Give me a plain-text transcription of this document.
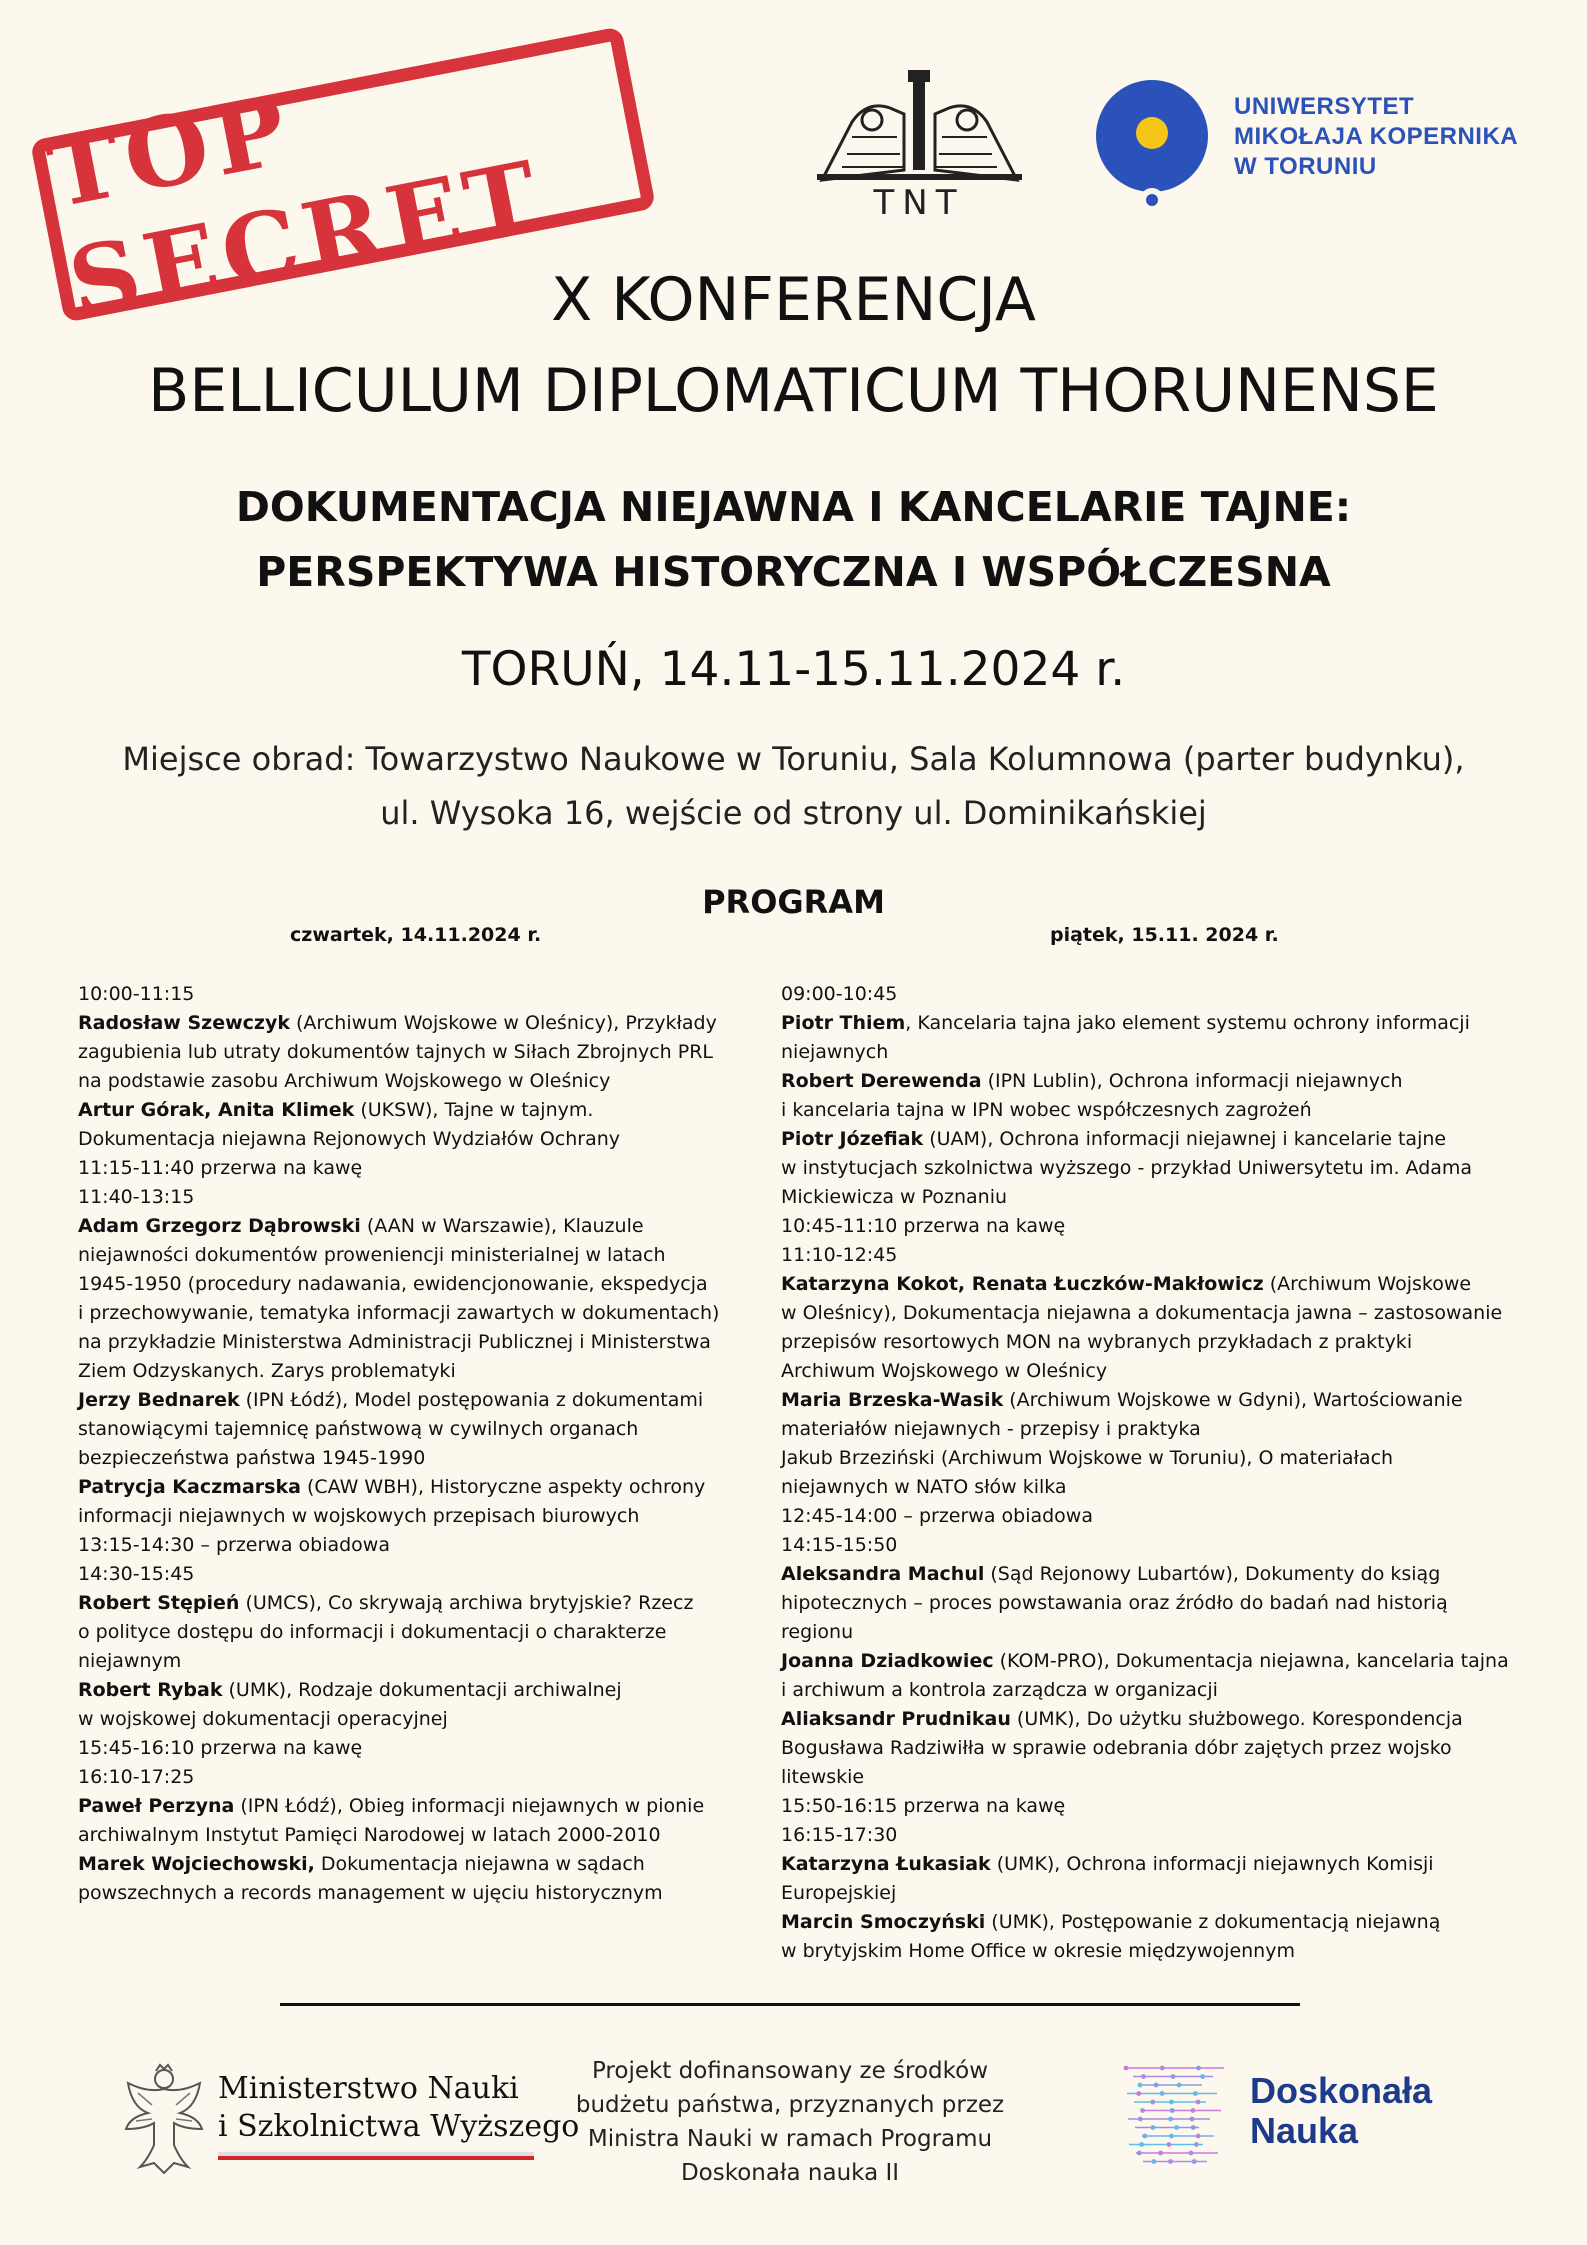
TOP SECRET	TNT
UNIWERSYTET
MIKOŁAJA KOPERNIKA
W TORUNIU
X KONFERENCJA
BELLICULUM DIPLOMATICUM THORUNENSE
DOKUMENTACJA NIEJAWNA I KANCELARIE TAJNE:
PERSPEKTYWA HISTORYCZNA I WSPÓŁCZESNA
TORUŃ, 14.11-15.11.2024 r.
Miejsce obrad: Towarzystwo Naukowe w Toruniu, Sala Kolumnowa (parter budynku),
ul. Wysoka 16, wejście od strony ul. Dominikańskiej
PROGRAM
czwartek, 14.11.2024 r.	piątek, 15.11. 2024 r.
10:00-11:15
Radosław Szewczyk (Archiwum Wojskowe w Oleśnicy), Przykłady
zagubienia lub utraty dokumentów tajnych w Siłach Zbrojnych PRL
na podstawie zasobu Archiwum Wojskowego w Oleśnicy
Artur Górak, Anita Klimek (UKSW), Tajne w tajnym.
Dokumentacja niejawna Rejonowych Wydziałów Ochrany
11:15-11:40 przerwa na kawę
11:40-13:15
Adam Grzegorz Dąbrowski (AAN w Warszawie), Klauzule
niejawności dokumentów proweniencji ministerialnej w latach
1945-1950 (procedury nadawania, ewidencjonowanie, ekspedycja
i przechowywanie, tematyka informacji zawartych w dokumentach)
na przykładzie Ministerstwa Administracji Publicznej i Ministerstwa
Ziem Odzyskanych. Zarys problematyki
Jerzy Bednarek (IPN Łódź), Model postępowania z dokumentami
stanowiącymi tajemnicę państwową w cywilnych organach
bezpieczeństwa państwa 1945-1990
Patrycja Kaczmarska (CAW WBH), Historyczne aspekty ochrony
informacji niejawnych w wojskowych przepisach biurowych
13:15-14:30 – przerwa obiadowa
14:30-15:45
Robert Stępień (UMCS), Co skrywają archiwa brytyjskie? Rzecz
o polityce dostępu do informacji i dokumentacji o charakterze
niejawnym
Robert Rybak (UMK), Rodzaje dokumentacji archiwalnej
w wojskowej dokumentacji operacyjnej
15:45-16:10 przerwa na kawę
16:10-17:25
Paweł Perzyna (IPN Łódź), Obieg informacji niejawnych w pionie
archiwalnym Instytut Pamięci Narodowej w latach 2000-2010
Marek Wojciechowski, Dokumentacja niejawna w sądach
powszechnych a records management w ujęciu historycznym
09:00-10:45
Piotr Thiem, Kancelaria tajna jako element systemu ochrony informacji
niejawnych
Robert Derewenda (IPN Lublin), Ochrona informacji niejawnych
i kancelaria tajna w IPN wobec współczesnych zagrożeń
Piotr Józefiak (UAM), Ochrona informacji niejawnej i kancelarie tajne
w instytucjach szkolnictwa wyższego - przykład Uniwersytetu im. Adama
Mickiewicza w Poznaniu
10:45-11:10 przerwa na kawę
11:10-12:45
Katarzyna Kokot, Renata Łuczków-Makłowicz (Archiwum Wojskowe
w Oleśnicy), Dokumentacja niejawna a dokumentacja jawna – zastosowanie
przepisów resortowych MON na wybranych przykładach z praktyki
Archiwum Wojskowego w Oleśnicy
Maria Brzeska-Wasik (Archiwum Wojskowe w Gdyni), Wartościowanie
materiałów niejawnych - przepisy i praktyka
Jakub Brzeziński (Archiwum Wojskowe w Toruniu), O materiałach
niejawnych w NATO słów kilka
12:45-14:00 – przerwa obiadowa
14:15-15:50
Aleksandra Machul (Sąd Rejonowy Lubartów), Dokumenty do ksiąg
hipotecznych – proces powstawania oraz źródło do badań nad historią
regionu
Joanna Dziadkowiec (KOM-PRO), Dokumentacja niejawna, kancelaria tajna
i archiwum a kontrola zarządcza w organizacji
Aliaksandr Prudnikau (UMK), Do użytku służbowego. Korespondencja
Bogusława Radziwiłła w sprawie odebrania dóbr zajętych przez wojsko
litewskie
15:50-16:15 przerwa na kawę
16:15-17:30
Katarzyna Łukasiak (UMK), Ochrona informacji niejawnych Komisji
Europejskiej
Marcin Smoczyński (UMK), Postępowanie z dokumentacją niejawną
w brytyjskim Home Office w okresie międzywojennym
Ministerstwo Nauki
i Szkolnictwa Wyższego
Projekt dofinansowany ze środków
budżetu państwa, przyznanych przez
Ministra Nauki w ramach Programu
Doskonała nauka II
Doskonała
Nauka
